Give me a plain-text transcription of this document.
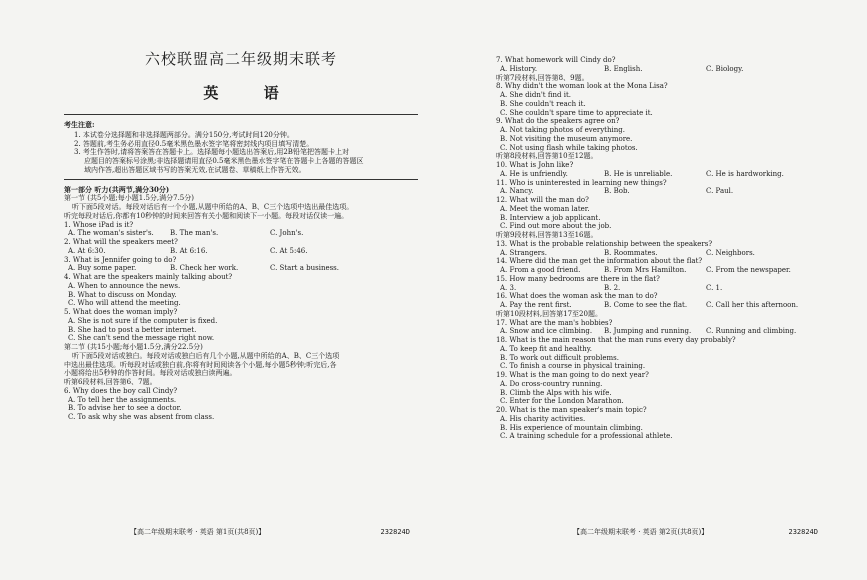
六校联盟高二年级期末联考
英 语
考生注意:
1. 本试卷分选择题和非选择题两部分。满分150分,考试时间120分钟。
2. 答题前,考生务必用直径0.5毫米黑色墨水签字笔将密封线内项目填写清楚。
3. 考生作答时,请将答案答在答题卡上。选择题每小题选出答案后,用2B铅笔把答题卡上对
应题目的答案标号涂黑;非选择题请用直径0.5毫米黑色墨水签字笔在答题卡上各题的答题区
域内作答,超出答题区域书写的答案无效,在试题卷、草稿纸上作答无效。
第一部分 听力(共两节,满分30分)
第一节 (共5小题;每小题1.5分,满分7.5分)
听下面5段对话。每段对话后有一个小题,从题中所给的A、B、C三个选项中选出最佳选项。
听完每段对话后,你都有10秒钟的时间来回答有关小题和阅读下一小题。每段对话仅读一遍。
1. Whose iPad is it?
A. The woman's sister's.	B. The man's.	C. John's.
2. What will the speakers meet?
A. At 6:30.	B. At 6:16.	C. At 5:46.
3. What is Jennifer going to do?
A. Buy some paper.	B. Check her work.	C. Start a business.
4. What are the speakers mainly talking about?
A. When to announce the news.
B. What to discuss on Monday.
C. Who will attend the meeting.
5. What does the woman imply?
A. She is not sure if the computer is fixed.
B. She had to post a better internet.
C. She can't send the message right now.
第二节 (共15小题;每小题1.5分,满分22.5分)
听下面5段对话或独白。每段对话或独白后有几个小题,从题中所给的A、B、C三个选项
中选出最佳选项。听每段对话或独白前,你将有时间阅读各个小题,每小题5秒钟;听完后,各
小题将给出5秒钟的作答时间。每段对话或独白读两遍。
听第6段材料,回答第6、7题。
6. Why does the boy call Cindy?
A. To tell her the assignments.
B. To advise her to see a doctor.
C. To ask why she was absent from class.
【高二年级期末联考 · 英语 第1页(共8页)】	232824D
7. What homework will Cindy do?
A. History.	B. English.	C. Biology.
听第7段材料,回答第8、9题。
8. Why didn't the woman look at the Mona Lisa?
A. She didn't find it.
B. She couldn't reach it.
C. She couldn't spare time to appreciate it.
9. What do the speakers agree on?
A. Not taking photos of everything.
B. Not visiting the museum anymore.
C. Not using flash while taking photos.
听第8段材料,回答第10至12题。
10. What is John like?
A. He is unfriendly.	B. He is unreliable.	C. He is hardworking.
11. Who is uninterested in learning new things?
A. Nancy.	B. Bob.	C. Paul.
12. What will the man do?
A. Meet the woman later.
B. Interview a job applicant.
C. Find out more about the job.
听第9段材料,回答第13至16题。
13. What is the probable relationship between the speakers?
A. Strangers.	B. Roommates.	C. Neighbors.
14. Where did the man get the information about the flat?
A. From a good friend.	B. From Mrs Hamilton.	C. From the newspaper.
15. How many bedrooms are there in the flat?
A. 3.	B. 2.	C. 1.
16. What does the woman ask the man to do?
A. Pay the rent first.	B. Come to see the flat.	C. Call her this afternoon.
听第10段材料,回答第17至20题。
17. What are the man's hobbies?
A. Snow and ice climbing.	B. Jumping and running.	C. Running and climbing.
18. What is the main reason that the man runs every day probably?
A. To keep fit and healthy.
B. To work out difficult problems.
C. To finish a course in physical training.
19. What is the man going to do next year?
A. Do cross-country running.
B. Climb the Alps with his wife.
C. Enter for the London Marathon.
20. What is the man speaker's main topic?
A. His charity activities.
B. His experience of mountain climbing.
C. A training schedule for a professional athlete.
【高二年级期末联考 · 英语 第2页(共8页)】	232824D
